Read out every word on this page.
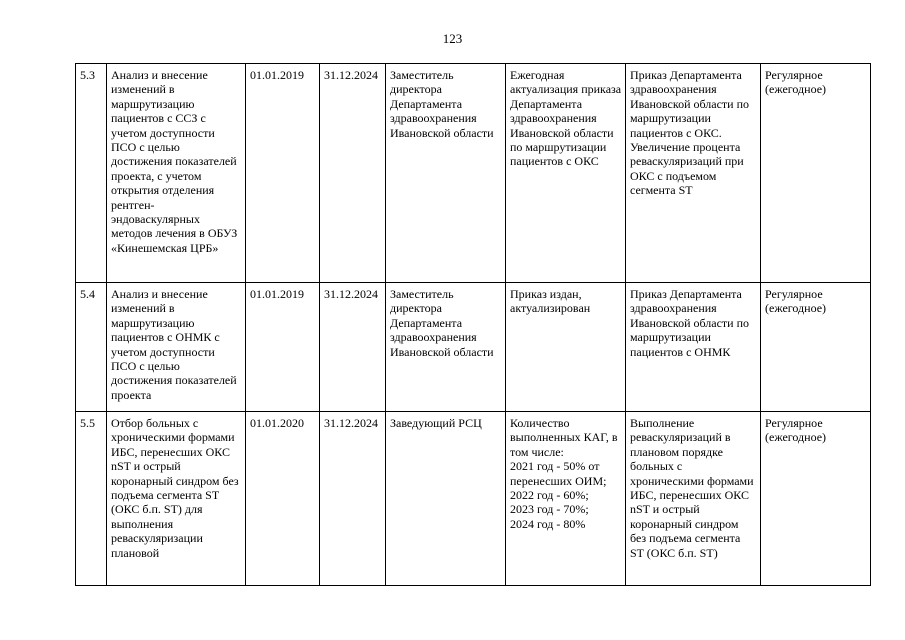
123
5.3	Анализ и внесение изменений в маршрутизацию пациентов с ССЗ с учетом доступности ПСО с целью достижения показателей проекта, с учетом открытия отделения рентген-эндоваскулярных методов лечения в ОБУЗ «Кинешемская ЦРБ»	01.01.2019	31.12.2024	Заместитель директора Департамента здравоохранения Ивановской области	Ежегодная актуализация приказа Департамента здравоохранения Ивановской области по маршрутизации пациентов с ОКС	Приказ Департамента здравоохранения Ивановской области по маршрутизации пациентов с ОКС. Увеличение процента реваскуляризаций при ОКС с подъемом сегмента ST	Регулярное (ежегодное)
5.4	Анализ и внесение изменений в маршрутизацию пациентов с ОНМК с учетом доступности ПСО с целью достижения показателей проекта	01.01.2019	31.12.2024	Заместитель директора Департамента здравоохранения Ивановской области	Приказ издан, актуализирован	Приказ Департамента здравоохранения Ивановской области по маршрутизации пациентов с ОНМК	Регулярное (ежегодное)
5.5	Отбор больных с хроническими формами ИБС, перенесших ОКС nST и острый коронарный синдром без подъема сегмента ST (ОКС б.п. ST) для выполнения реваскуляризации плановой	01.01.2020	31.12.2024	Заведующий РСЦ	Количество выполненных КАГ, в том числе:
2021 год - 50% от перенесших ОИМ;
2022 год - 60%;
2023 год - 70%;
2024 год - 80%	Выполнение реваскуляризаций в плановом порядке больных с хроническими формами ИБС, перенесших ОКС nST и острый коронарный синдром без подъема сегмента ST (ОКС б.п. ST)	Регулярное (ежегодное)
